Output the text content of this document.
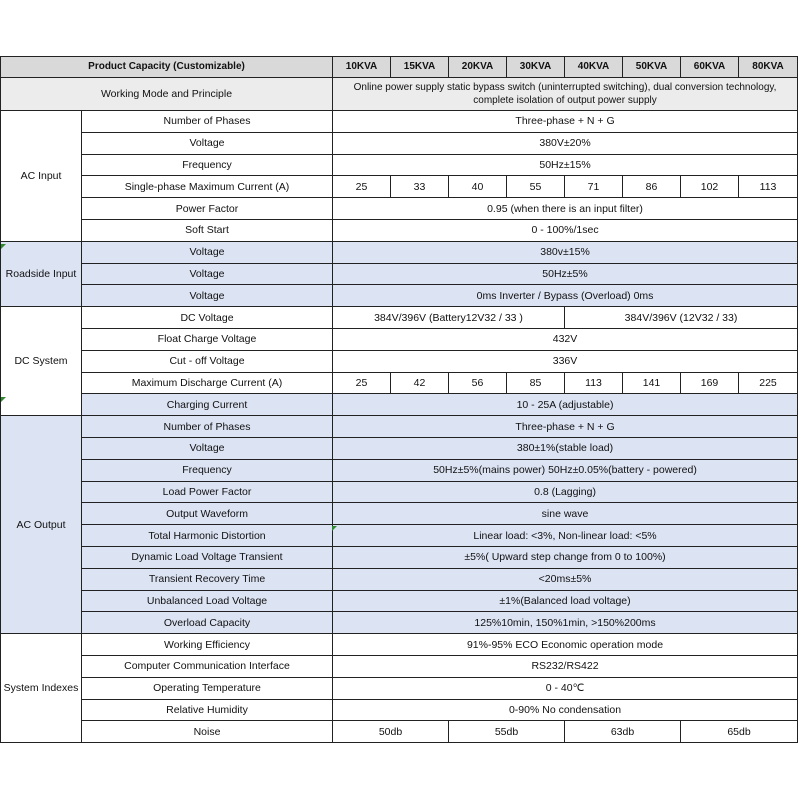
Product Capacity (Customizable)		10KVA	15KVA	20KVA	30KVA	40KVA	50KVA	60KVA	80KVA
Working Mode and Principle		Online power supply static bypass switch (uninterrupted switching), dual conversion technology, complete isolation of output power supply							
AC Input	Number of Phases	Three-phase + N + G							
	Voltage	380V±20%							
	Frequency	50Hz±15%							
	Single-phase Maximum Current (A)	25	33	40	55	71	86	102	113
	Power Factor	0.95 (when there is an input filter)							
	Soft Start	0 - 100%/1sec							
Roadside Input	Voltage	380v±15%							
	Voltage	50Hz±5%							
	Voltage	0ms Inverter / Bypass (Overload) 0ms							
DC System	DC Voltage	384V/396V (Battery12V32 / 33 )				384V/396V (12V32 / 33)			
	Float Charge Voltage	432V							
	Cut - off Voltage	336V							
	Maximum Discharge Current (A)	25	42	56	85	113	141	169	225
	Charging Current	10 - 25A (adjustable)							
AC Output	Number of Phases	Three-phase + N + G							
	Voltage	380±1%(stable load)							
	Frequency	50Hz±5%(mains power) 50Hz±0.05%(battery - powered)							
	Load Power Factor	0.8 (Lagging)							
	Output Waveform	sine wave							
	Total Harmonic Distortion	Linear load: <3%, Non-linear load: <5%							
	Dynamic Load Voltage Transient	±5%( Upward step change from 0 to 100%)							
	Transient Recovery Time	<20ms±5%							
	Unbalanced Load Voltage	±1%(Balanced load voltage)							
	Overload Capacity	125%10min, 150%1min, >150%200ms							
System Indexes	Working Efficiency	91%-95% ECO Economic operation mode							
	Computer Communication Interface	RS232/RS422							
	Operating Temperature	0 - 40℃							
	Relative Humidity	0-90% No condensation							
	Noise	50db		55db		63db		65db	
